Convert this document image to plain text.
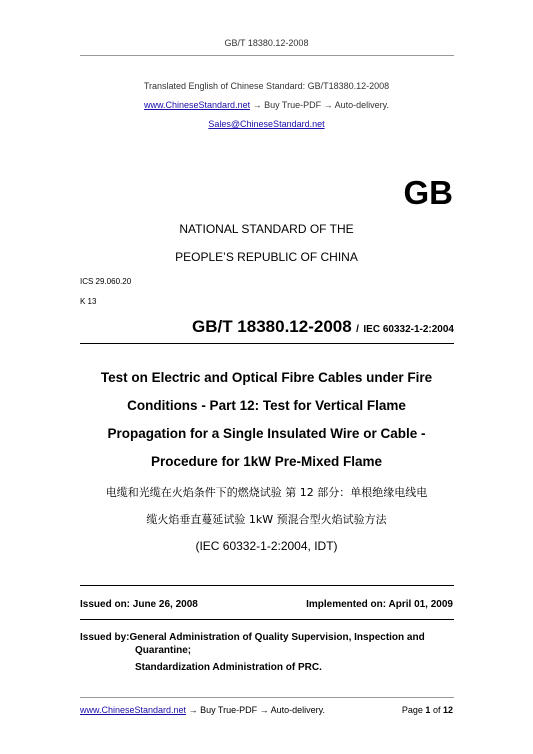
GB/T 18380.12-2008
Translated English of Chinese Standard: GB/T18380.12-2008
www.ChineseStandard.net → Buy True-PDF → Auto-delivery.
Sales@ChineseStandard.net
GB
NATIONAL STANDARD OF THE
PEOPLE’S REPUBLIC OF CHINA
ICS 29.060.20
K 13
GB/T 18380.12-2008 / IEC 60332-1-2:2004
Test on Electric and Optical Fibre Cables under Fire
Conditions - Part 12: Test for Vertical Flame
Propagation for a Single Insulated Wire or Cable -
Procedure for 1kW Pre-Mixed Flame
电缆和光缆在火焰条件下的燃烧试验 第 12 部分：单根绝缘电线电
缆火焰垂直蔓延试验 1kW 预混合型火焰试验方法
(IEC 60332-1-2:2004, IDT)
Issued on: June 26, 2008	Implemented on: April 01, 2009
Issued by:General Administration of Quality Supervision, Inspection and
Quarantine;
Standardization Administration of PRC.
www.ChineseStandard.net → Buy True-PDF → Auto-delivery.	Page 1 of 12
